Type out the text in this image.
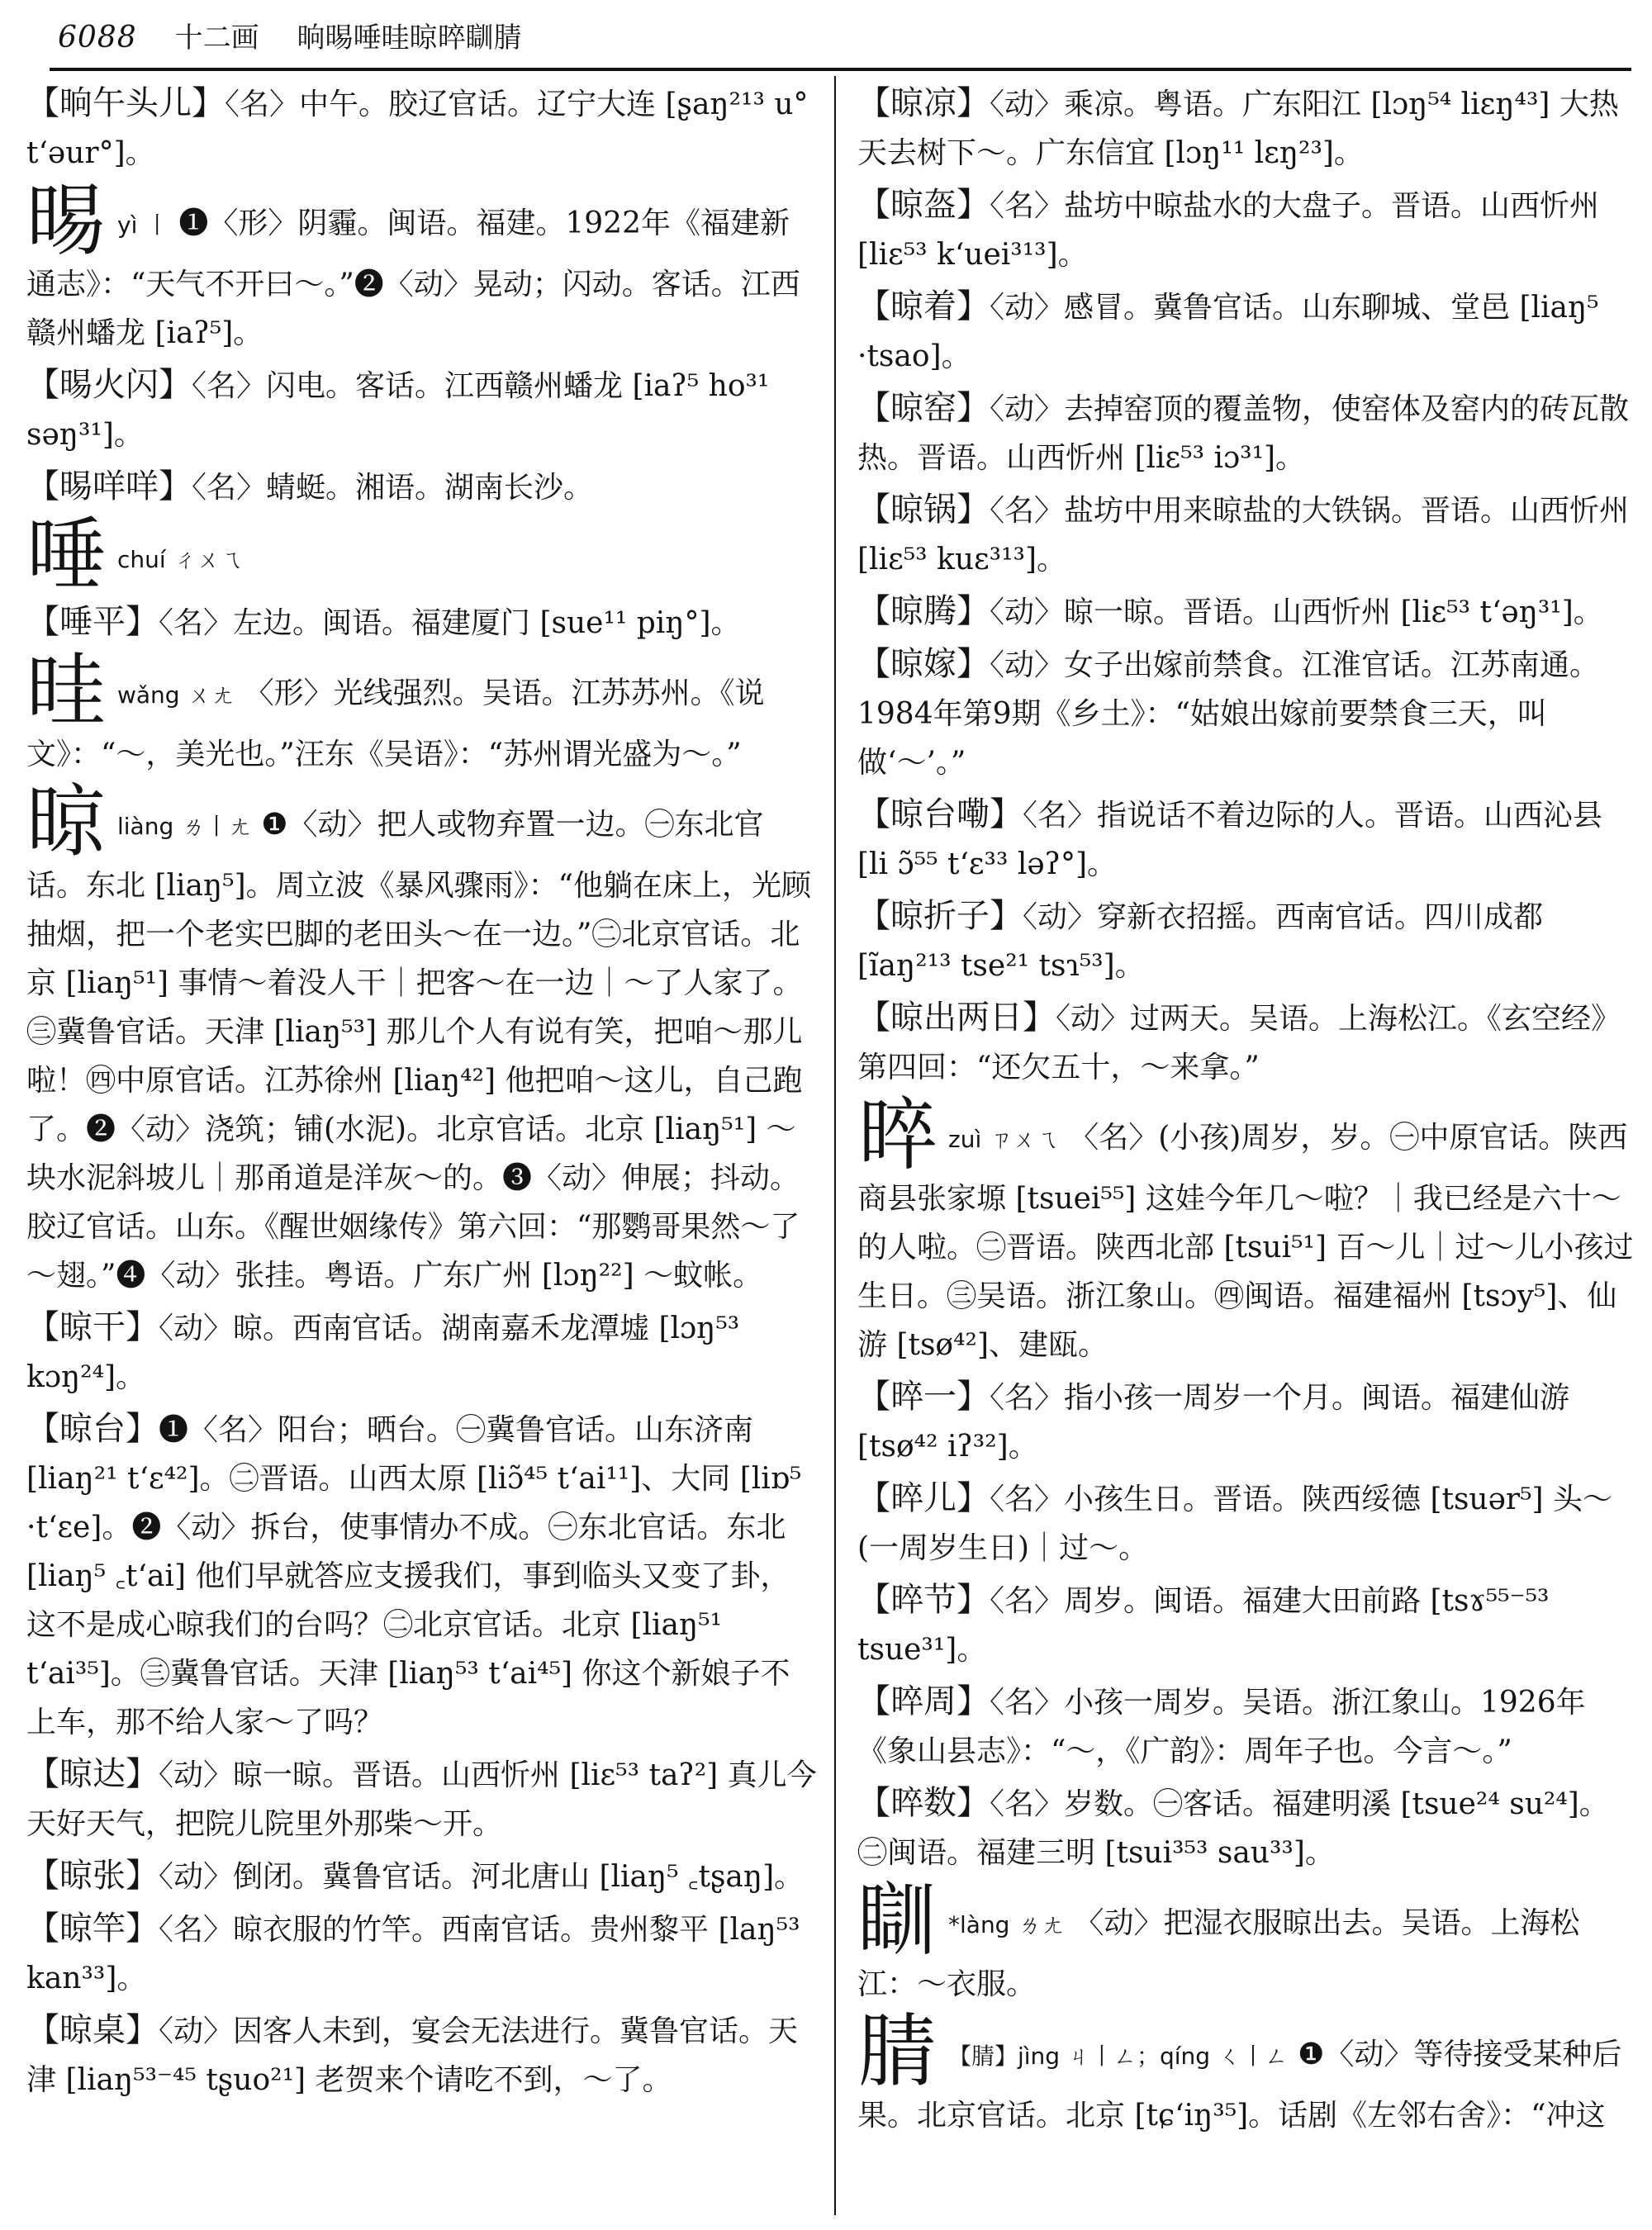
6088 十二画 晌晹唾晆晾晬瞓腈
【晌午头儿】〈名〉中午。胶辽官话。辽宁大连 [ʂaŋ²¹³ u° tʻəur°]。
晹yì 丨 ❶〈形〉阴霾。闽语。福建。1922年《福建新通志》：“天气不开曰～。”❷〈动〉晃动；闪动。客话。江西赣州蟠龙 [iaʔ⁵]。
【晹火闪】〈名〉闪电。客话。江西赣州蟠龙 [iaʔ⁵ ho³¹ səŋ³¹]。
【晹咩咩】〈名〉蜻蜓。湘语。湖南长沙。
唾chuí ㄔㄨㄟ
【唾平】〈名〉左边。闽语。福建厦门 [sue¹¹ piŋ°]。
晆wǎng ㄨㄤ 〈形〉光线强烈。吴语。江苏苏州。《说文》：“～，美光也。”汪东《吴语》：“苏州谓光盛为～。”
晾liàng ㄌ丨ㄤ ❶〈动〉把人或物弃置一边。㊀东北官话。东北 [liaŋ⁵]。周立波《暴风骤雨》：“他躺在床上，光顾抽烟，把一个老实巴脚的老田头～在一边。”㊁北京官话。北京 [liaŋ⁵¹] 事情～着没人干｜把客～在一边｜～了人家了。㊂冀鲁官话。天津 [liaŋ⁵³] 那儿个人有说有笑，把咱～那儿啦！㊃中原官话。江苏徐州 [liaŋ⁴²] 他把咱～这儿，自己跑了。❷〈动〉浇筑；铺(水泥)。北京官话。北京 [liaŋ⁵¹] ～块水泥斜坡儿｜那甬道是洋灰～的。❸〈动〉伸展；抖动。胶辽官话。山东。《醒世姻缘传》第六回：“那鹦哥果然～了～翅。”❹〈动〉张挂。粤语。广东广州 [lɔŋ²²] ～蚊帐。
【晾干】〈动〉晾。西南官话。湖南嘉禾龙潭墟 [lɔŋ⁵³ kɔŋ²⁴]。
【晾台】❶〈名〉阳台；晒台。㊀冀鲁官话。山东济南 [liaŋ²¹ tʻɛ⁴²]。㊁晋语。山西太原 [liɔ̃⁴⁵ tʻai¹¹]、大同 [liɒ⁵ ·tʻɛe]。❷〈动〉拆台，使事情办不成。㊀东北官话。东北 [liaŋ⁵ ꜀tʻai] 他们早就答应支援我们，事到临头又变了卦，这不是成心晾我们的台吗？㊁北京官话。北京 [liaŋ⁵¹ tʻai³⁵]。㊂冀鲁官话。天津 [liaŋ⁵³ tʻai⁴⁵] 你这个新娘子不上车，那不给人家～了吗？
【晾达】〈动〉晾一晾。晋语。山西忻州 [liɛ⁵³ taʔ²] 真儿今天好天气，把院儿院里外那柴～开。
【晾张】〈动〉倒闭。冀鲁官话。河北唐山 [liaŋ⁵ ꜀tʂaŋ]。
【晾竿】〈名〉晾衣服的竹竿。西南官话。贵州黎平 [laŋ⁵³ kan³³]。
【晾桌】〈动〉因客人未到，宴会无法进行。冀鲁官话。天津 [liaŋ⁵³⁻⁴⁵ tʂuo²¹] 老贺来个请吃不到，～了。
【晾凉】〈动〉乘凉。粤语。广东阳江 [lɔŋ⁵⁴ liɛŋ⁴³] 大热天去树下～。广东信宜 [lɔŋ¹¹ lɛŋ²³]。
【晾盔】〈名〉盐坊中晾盐水的大盘子。晋语。山西忻州 [liɛ⁵³ kʻuei³¹³]。
【晾着】〈动〉感冒。冀鲁官话。山东聊城、堂邑 [liaŋ⁵ ·tsao]。
【晾窑】〈动〉去掉窑顶的覆盖物，使窑体及窑内的砖瓦散热。晋语。山西忻州 [liɛ⁵³ iɔ³¹]。
【晾锅】〈名〉盐坊中用来晾盐的大铁锅。晋语。山西忻州 [liɛ⁵³ kuɛ³¹³]。
【晾腾】〈动〉晾一晾。晋语。山西忻州 [liɛ⁵³ tʻəŋ³¹]。
【晾嫁】〈动〉女子出嫁前禁食。江淮官话。江苏南通。1984年第9期《乡土》：“姑娘出嫁前要禁食三天，叫做‘～’。”
【晾台嘞】〈名〉指说话不着边际的人。晋语。山西沁县 [li ɔ̃⁵⁵ tʻɛ³³ ləʔ°]。
【晾折子】〈动〉穿新衣招摇。西南官话。四川成都 [ĩaŋ²¹³ tse²¹ tsɿ⁵³]。
【晾出两日】〈动〉过两天。吴语。上海松江。《玄空经》第四回：“还欠五十，～来拿。”
晬zuì ㄗㄨㄟ 〈名〉(小孩)周岁，岁。㊀中原官话。陕西商县张家塬 [tsuei⁵⁵] 这娃今年几～啦？｜我已经是六十～的人啦。㊁晋语。陕西北部 [tsui⁵¹] 百～儿｜过～儿小孩过生日。㊂吴语。浙江象山。㊃闽语。福建福州 [tsɔy⁵]、仙游 [tsø⁴²]、建瓯。
【晬一】〈名〉指小孩一周岁一个月。闽语。福建仙游 [tsø⁴² iʔ³²]。
【晬儿】〈名〉小孩生日。晋语。陕西绥德 [tsuər⁵] 头～(一周岁生日)｜过～。
【晬节】〈名〉周岁。闽语。福建大田前路 [tsɤ⁵⁵⁻⁵³ tsue³¹]。
【晬周】〈名〉小孩一周岁。吴语。浙江象山。1926年《象山县志》：“～，《广韵》：周年子也。今言～。”
【晬数】〈名〉岁数。㊀客话。福建明溪 [tsue²⁴ su²⁴]。㊁闽语。福建三明 [tsui³⁵³ sau³³]。
瞓 *làng ㄌㄤ 〈动〉把湿衣服晾出去。吴语。上海松江：～衣服。
腈 【腈】jìng ㄐ丨ㄥ；qíng ㄑ丨ㄥ ❶〈动〉等待接受某种后果。北京官话。北京 [tɕʻiŋ³⁵]。话剧《左邻右舍》：“冲这
